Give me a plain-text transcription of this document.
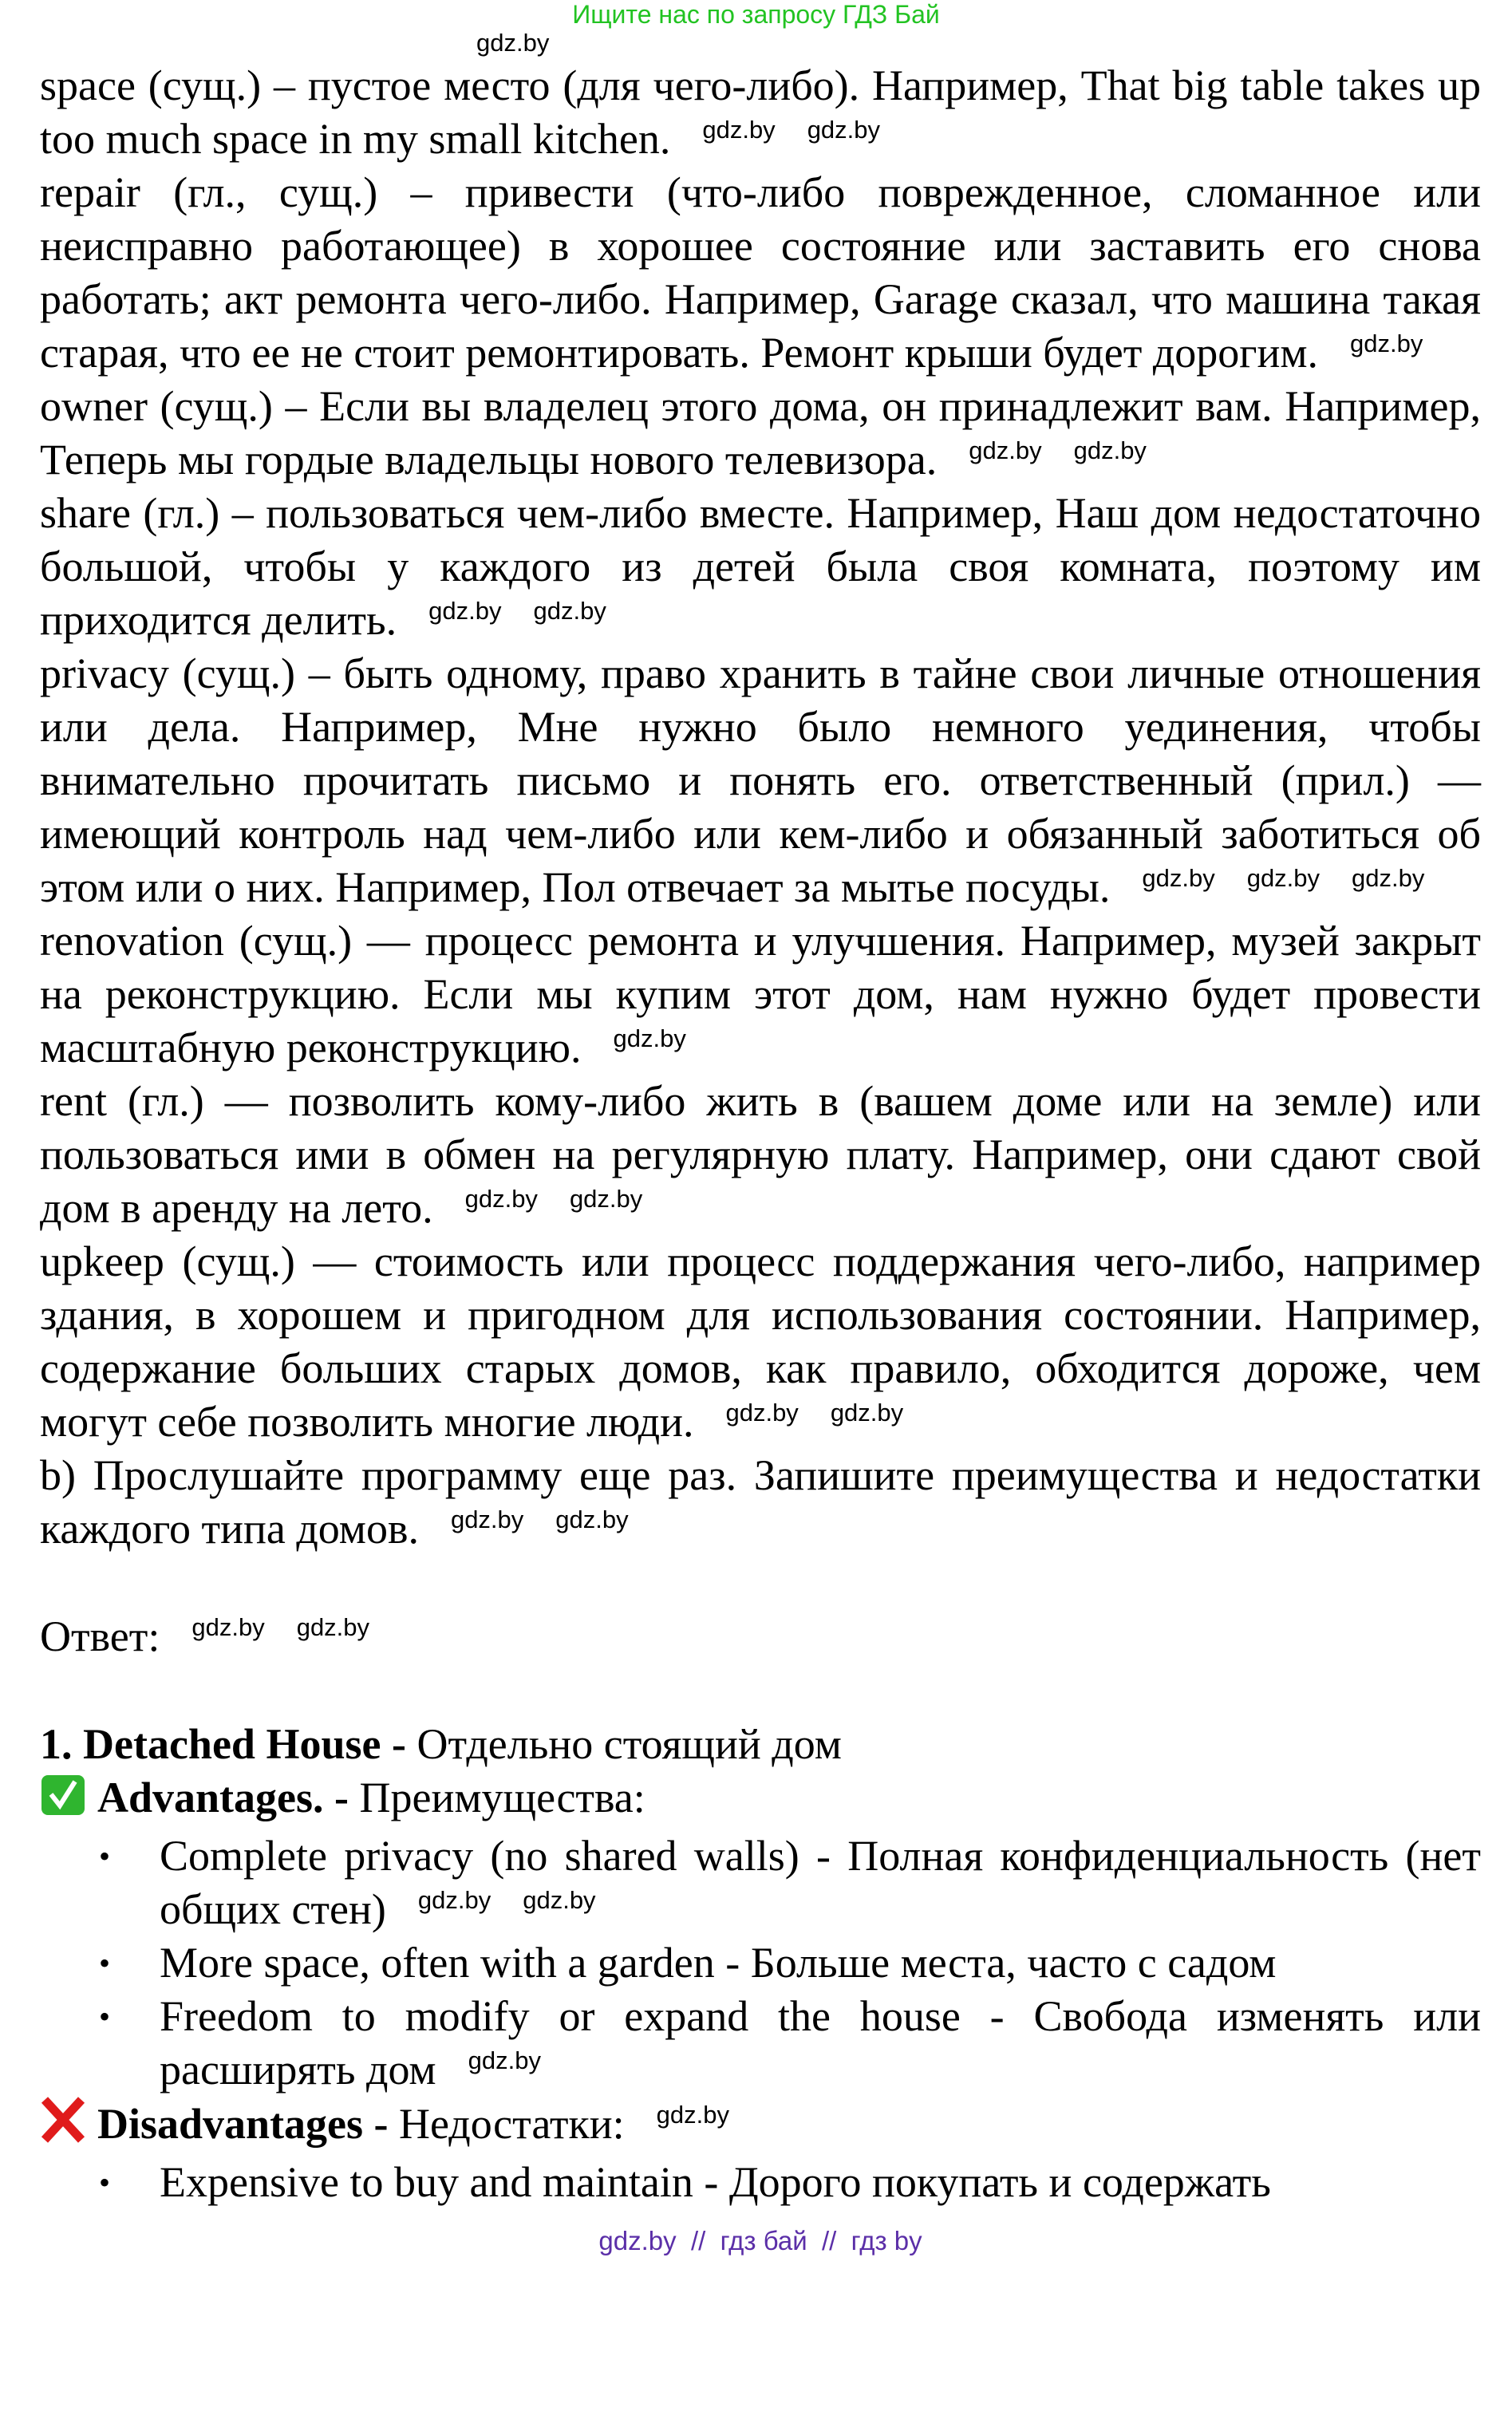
Ищите нас по запросу ГДЗ Бай
gdz.by
space (сущ.) – пустое место (для чего-либо). Например, That big table takes up too much space in my small kitchen. $^{gdz.by}$ $^{gdz.by}$
repair (гл., сущ.) – привести (что-либо поврежденное, сломанное или неисправно работающее) в хорошее состояние или заставить его снова работать; акт ремонта чего-либо. Например, Garage сказал, что машина такая старая, что ее не стоит ремонтировать. Ремонт крыши будет дорогим. $^{gdz.by}$
owner (сущ.) – Если вы владелец этого дома, он принадлежит вам. Например, Теперь мы гордые владельцы нового телевизора. $^{gdz.by}$ $^{gdz.by}$
share (гл.) – пользоваться чем-либо вместе. Например, Наш дом недостаточно большой, чтобы у каждого из детей была своя комната, поэтому им приходится делить. $^{gdz.by}$ $^{gdz.by}$
privacy (сущ.) – быть одному, право хранить в тайне свои личные отношения или дела. Например, Мне нужно было немного уединения, чтобы внимательно прочитать письмо и понять его. ответственный (прил.) — имеющий контроль над чем-либо или кем-либо и обязанный заботиться об этом или о них. Например, Пол отвечает за мытье посуды. $^{gdz.by}$ $^{gdz.by}$ $^{gdz.by}$
renovation (сущ.) — процесс ремонта и улучшения. Например, музей закрыт на реконструкцию. Если мы купим этот дом, нам нужно будет провести масштабную реконструкцию. $^{gdz.by}$
rent (гл.) — позволить кому-либо жить в (вашем доме или на земле) или пользоваться ими в обмен на регулярную плату. Например, они сдают свой дом в аренду на лето. $^{gdz.by}$ $^{gdz.by}$
upkeep (сущ.) — стоимость или процесс поддержания чего-либо, например здания, в хорошем и пригодном для использования состоянии. Например, содержание больших старых домов, как правило, обходится дороже, чем могут себе позволить многие люди. $^{gdz.by}$ $^{gdz.by}$
b) Прослушайте программу еще раз. Запишите преимущества и недостатки каждого типа домов. $^{gdz.by}$ $^{gdz.by}$
Ответ: $^{gdz.by}$ $^{gdz.by}$
1. Detached House - Отдельно стоящий дом
Advantages. - Преимущества:
• Complete privacy (no shared walls) - Полная конфиденциальность (нет общих стен) $^{gdz.by}$ $^{gdz.by}$
• More space, often with a garden - Больше места, часто с садом
• Freedom to modify or expand the house - Свобода изменять или расширять дом $^{gdz.by}$
Disadvantages - Недостатки: $^{gdz.by}$
• Expensive to buy and maintain - Дорого покупать и содержать
gdz.by  //  гдз бай  //  гдз by
